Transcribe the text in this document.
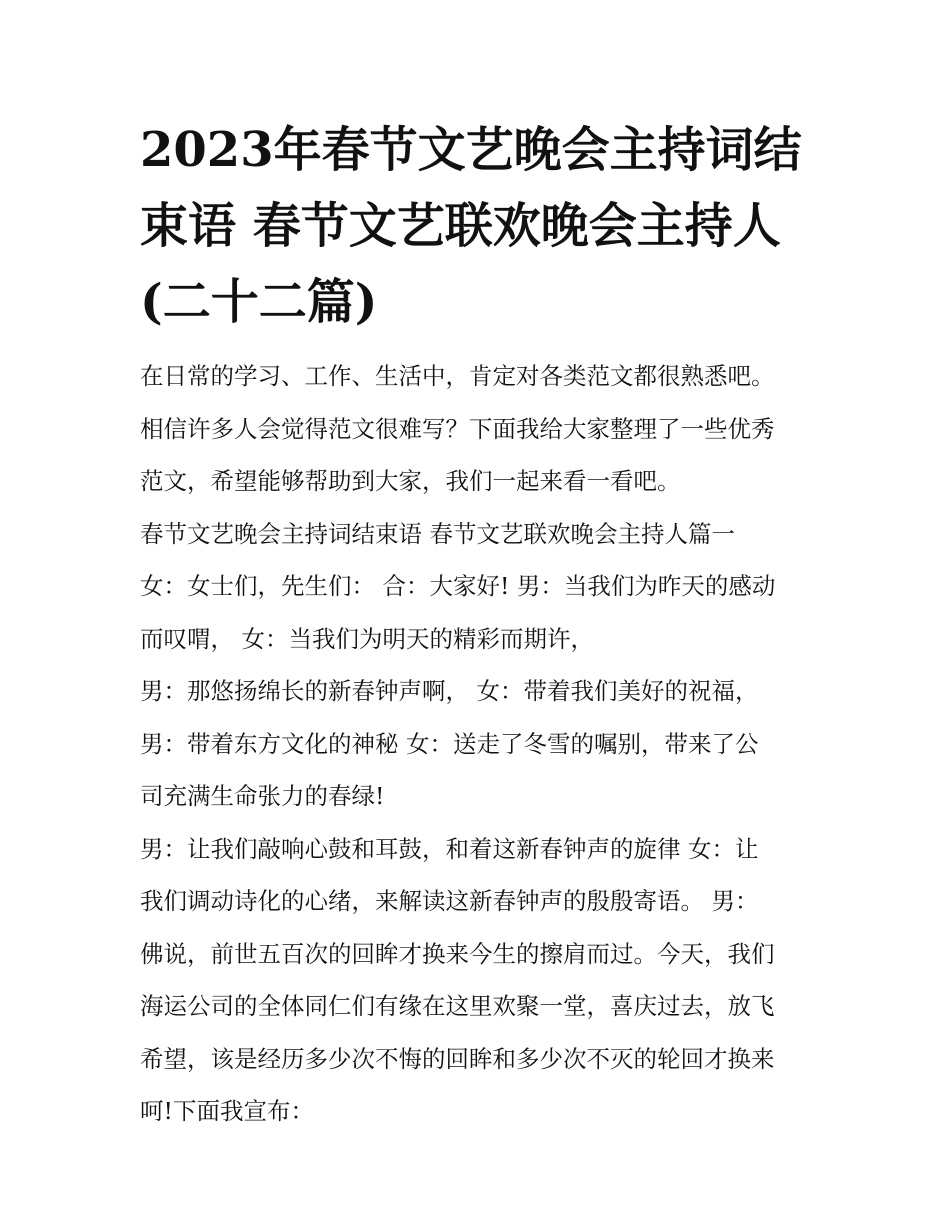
2023年春节文艺晚会主持词结
束语 春节文艺联欢晚会主持人
(二十二篇)
在日常的学习、工作、生活中，肯定对各类范文都很熟悉吧。
相信许多人会觉得范文很难写？下面我给大家整理了一些优秀
范文，希望能够帮助到大家，我们一起来看一看吧。
春节文艺晚会主持词结束语 春节文艺联欢晚会主持人篇一
女：女士们，先生们： 合：大家好! 男：当我们为昨天的感动
而叹喟， 女：当我们为明天的精彩而期许，
男：那悠扬绵长的新春钟声啊， 女：带着我们美好的祝福，
男：带着东方文化的神秘 女：送走了冬雪的嘱别，带来了公
司充满生命张力的春绿!
男：让我们敲响心鼓和耳鼓，和着这新春钟声的旋律 女：让
我们调动诗化的心绪，来解读这新春钟声的殷殷寄语。 男：
佛说，前世五百次的回眸才换来今生的擦肩而过。今天，我们
海运公司的全体同仁们有缘在这里欢聚一堂，喜庆过去，放飞
希望，该是经历多少次不悔的回眸和多少次不灭的轮回才换来
呵!下面我宣布：
